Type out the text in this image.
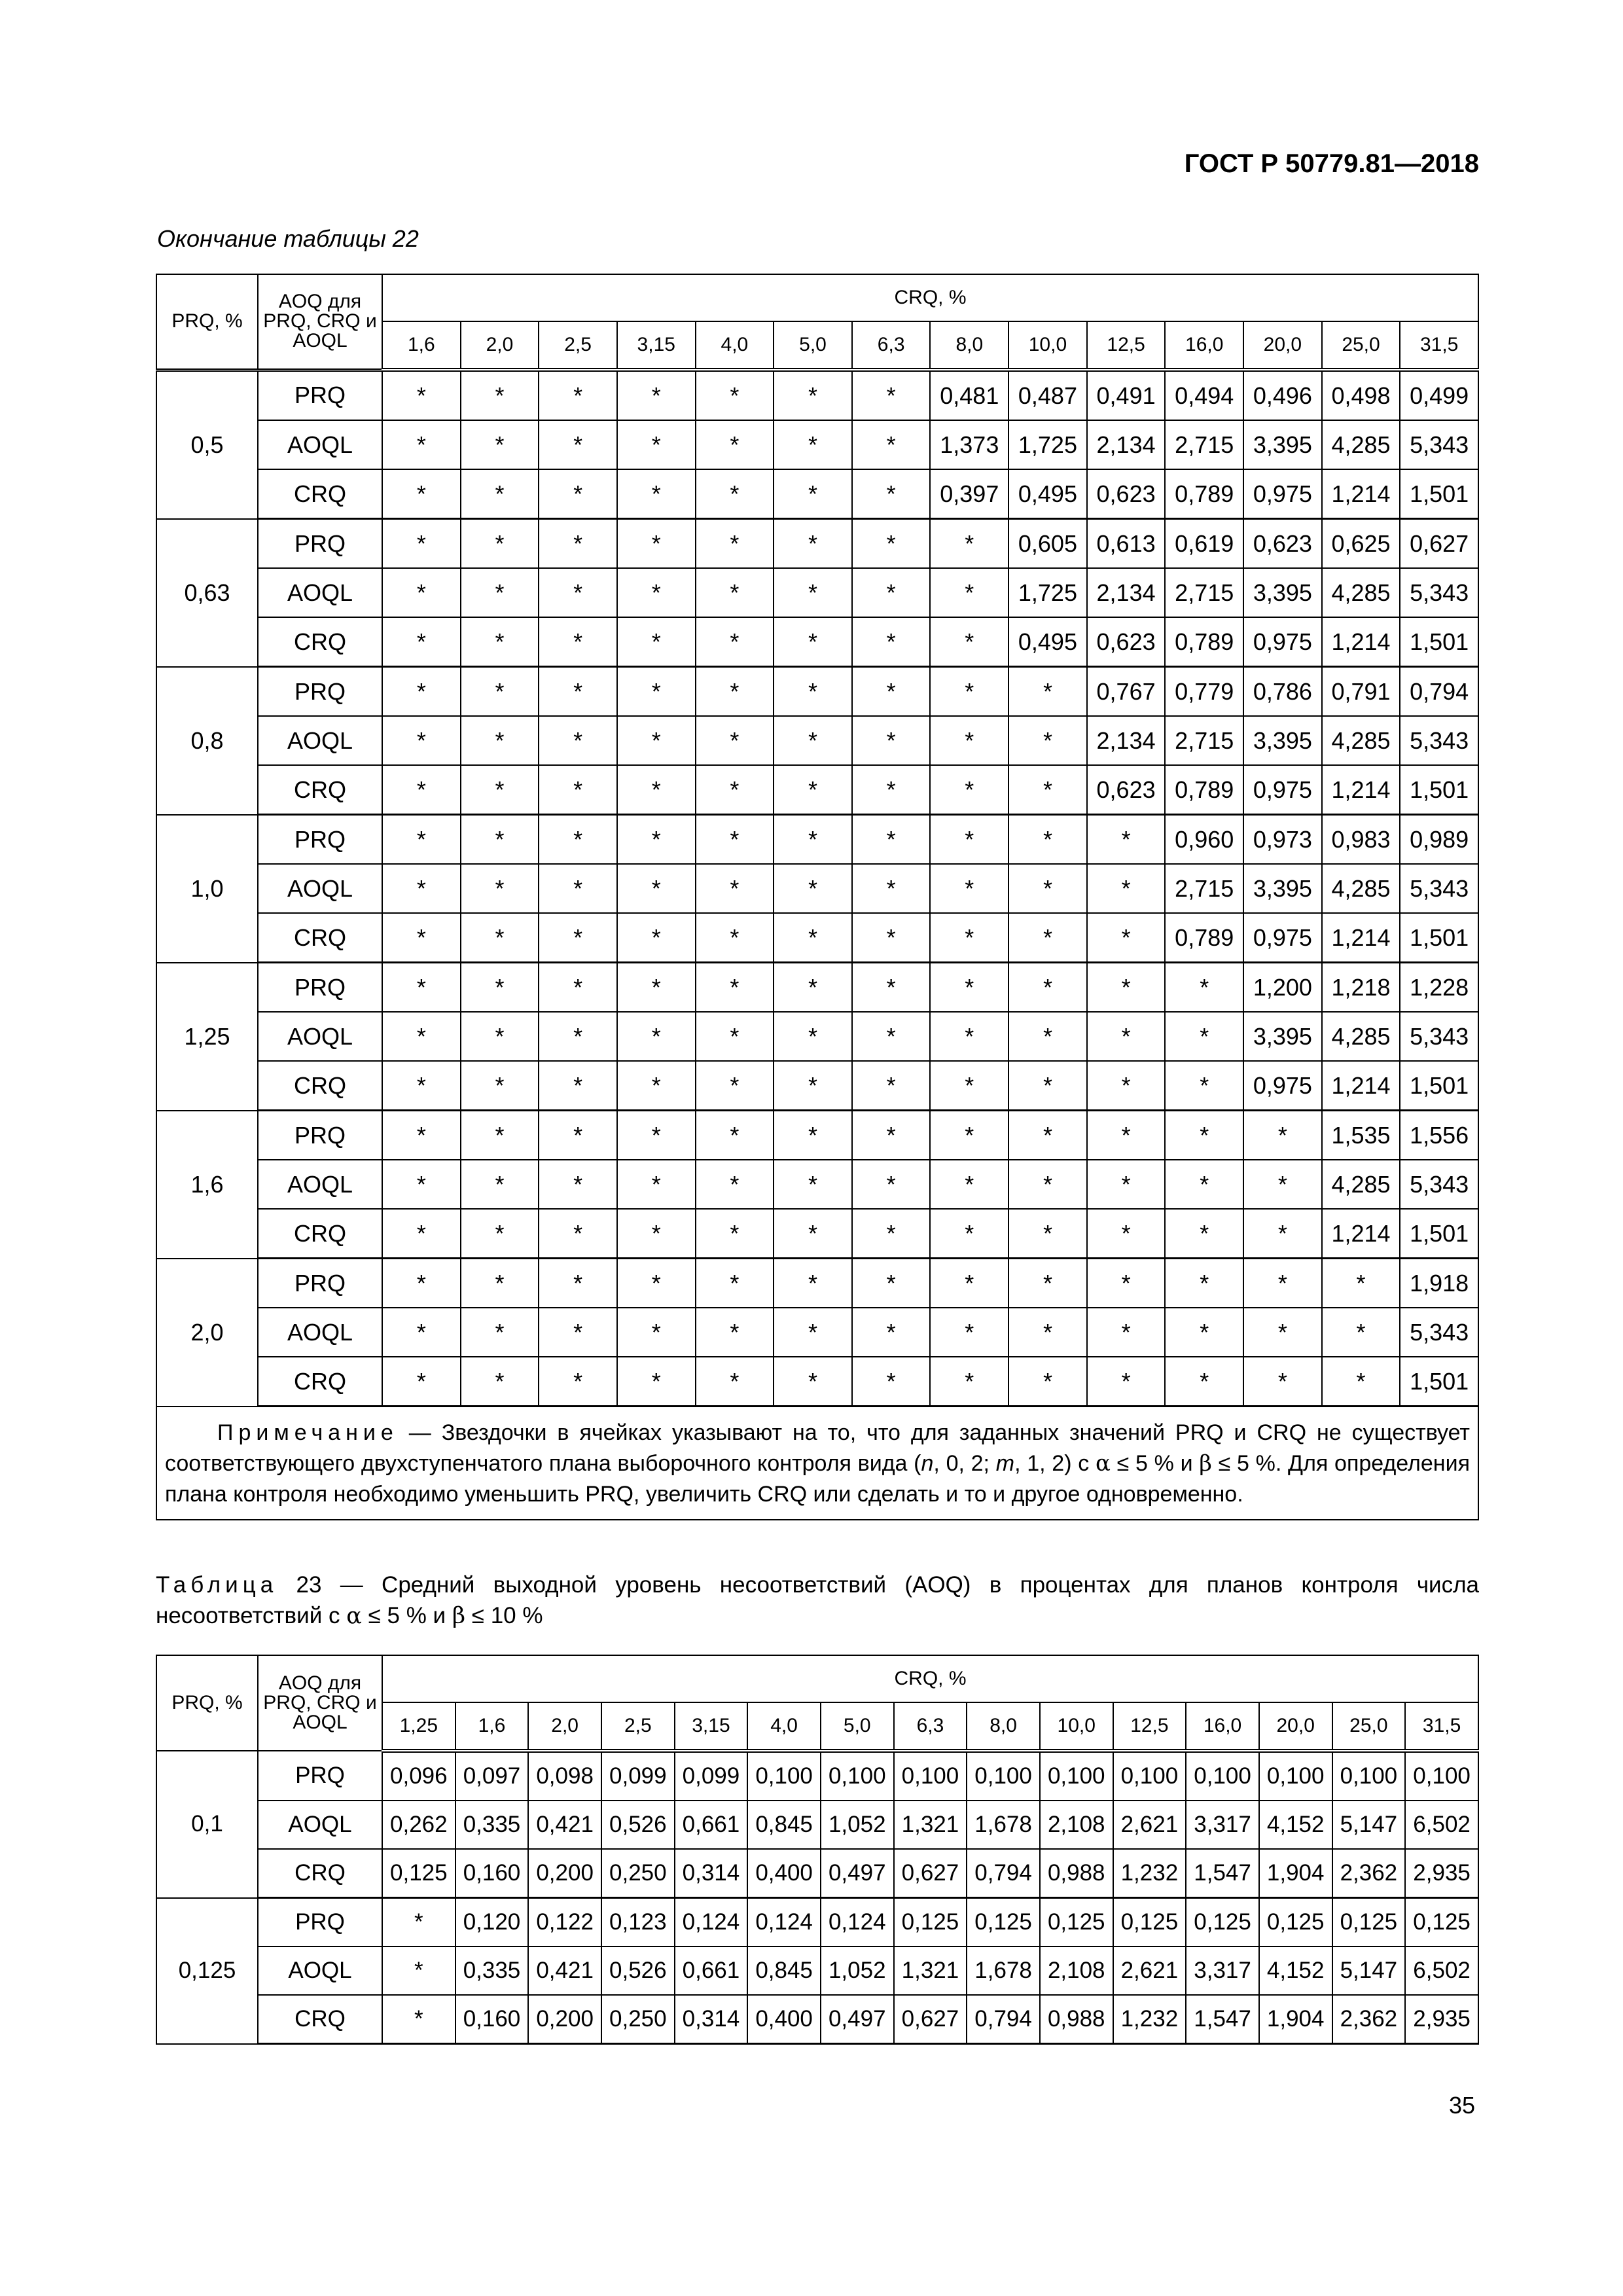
ГОСТ Р 50779.81—2018
Окончание таблицы 22
PRQ, %	AOQ для PRQ, CRQ и AOQL	CRQ, %													
		1,6	2,0	2,5	3,15	4,0	5,0	6,3	8,0	10,0	12,5	16,0	20,0	25,0	31,5
0,5	PRQ	*	*	*	*	*	*	*	0,481	0,487	0,491	0,494	0,496	0,498	0,499
	AOQL	*	*	*	*	*	*	*	1,373	1,725	2,134	2,715	3,395	4,285	5,343
	CRQ	*	*	*	*	*	*	*	0,397	0,495	0,623	0,789	0,975	1,214	1,501
0,63	PRQ	*	*	*	*	*	*	*	*	0,605	0,613	0,619	0,623	0,625	0,627
	AOQL	*	*	*	*	*	*	*	*	1,725	2,134	2,715	3,395	4,285	5,343
	CRQ	*	*	*	*	*	*	*	*	0,495	0,623	0,789	0,975	1,214	1,501
0,8	PRQ	*	*	*	*	*	*	*	*	*	0,767	0,779	0,786	0,791	0,794
	AOQL	*	*	*	*	*	*	*	*	*	2,134	2,715	3,395	4,285	5,343
	CRQ	*	*	*	*	*	*	*	*	*	0,623	0,789	0,975	1,214	1,501
1,0	PRQ	*	*	*	*	*	*	*	*	*	*	0,960	0,973	0,983	0,989
	AOQL	*	*	*	*	*	*	*	*	*	*	2,715	3,395	4,285	5,343
	CRQ	*	*	*	*	*	*	*	*	*	*	0,789	0,975	1,214	1,501
1,25	PRQ	*	*	*	*	*	*	*	*	*	*	*	1,200	1,218	1,228
	AOQL	*	*	*	*	*	*	*	*	*	*	*	3,395	4,285	5,343
	CRQ	*	*	*	*	*	*	*	*	*	*	*	0,975	1,214	1,501
1,6	PRQ	*	*	*	*	*	*	*	*	*	*	*	*	1,535	1,556
	AOQL	*	*	*	*	*	*	*	*	*	*	*	*	4,285	5,343
	CRQ	*	*	*	*	*	*	*	*	*	*	*	*	1,214	1,501
2,0	PRQ	*	*	*	*	*	*	*	*	*	*	*	*	*	1,918
	AOQL	*	*	*	*	*	*	*	*	*	*	*	*	*	5,343
	CRQ	*	*	*	*	*	*	*	*	*	*	*	*	*	1,501
Примечание — Звездочки в ячейках указывают на то, что для заданных значений PRQ и CRQ не существует соответствующего двухступенчатого плана выборочного контроля вида (n, 0, 2; m, 1, 2) с α ≤ 5 % и β ≤ 5 %. Для определения плана контроля необходимо уменьшить PRQ, увеличить CRQ или сделать и то и другое одновременно.															
Таблица 23 — Средний выходной уровень несоответствий (AOQ) в процентах для планов контроля числа несоответствий с α ≤ 5 % и β ≤ 10 %
PRQ, %	AOQ для PRQ, CRQ и AOQL	CRQ, %														
		1,25	1,6	2,0	2,5	3,15	4,0	5,0	6,3	8,0	10,0	12,5	16,0	20,0	25,0	31,5
0,1	PRQ	0,096	0,097	0,098	0,099	0,099	0,100	0,100	0,100	0,100	0,100	0,100	0,100	0,100	0,100	0,100
	AOQL	0,262	0,335	0,421	0,526	0,661	0,845	1,052	1,321	1,678	2,108	2,621	3,317	4,152	5,147	6,502
	CRQ	0,125	0,160	0,200	0,250	0,314	0,400	0,497	0,627	0,794	0,988	1,232	1,547	1,904	2,362	2,935
0,125	PRQ	*	0,120	0,122	0,123	0,124	0,124	0,124	0,125	0,125	0,125	0,125	0,125	0,125	0,125	0,125
	AOQL	*	0,335	0,421	0,526	0,661	0,845	1,052	1,321	1,678	2,108	2,621	3,317	4,152	5,147	6,502
	CRQ	*	0,160	0,200	0,250	0,314	0,400	0,497	0,627	0,794	0,988	1,232	1,547	1,904	2,362	2,935
35
